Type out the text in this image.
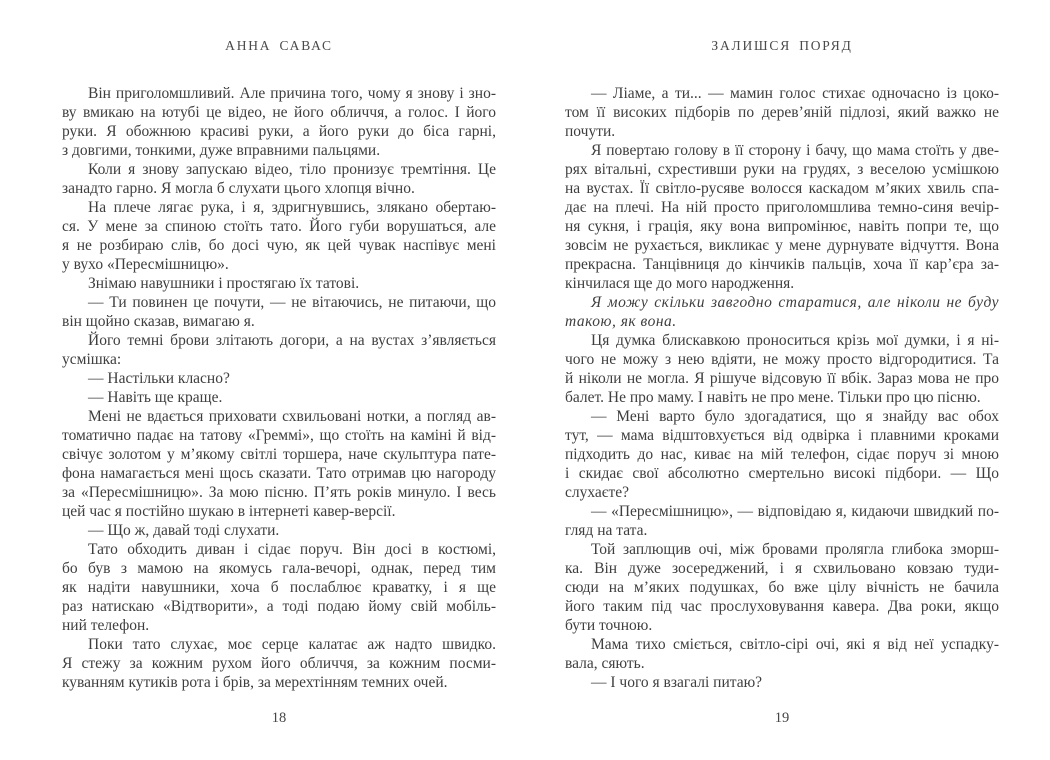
АННА САВАС
Він приголомшливий. Але причина того, чому я знову і зно-
ву вмикаю на ютубі це відео, не його обличчя, а голос. І його
руки. Я обожнюю красиві руки, а його руки до біса гарні,
з довгими, тонкими, дуже вправними пальцями.
Коли я знову запускаю відео, тіло пронизує тремтіння. Це
занадто гарно. Я могла б слухати цього хлопця вічно.
На плече лягає рука, і я, здригнувшись, злякано обертаю-
ся. У мене за спиною стоїть тато. Його губи ворушаться, але
я не розбираю слів, бо досі чую, як цей чувак наспівує мені
у вухо «Пересмішницю».
Знімаю навушники і простягаю їх татові.
— Ти повинен це почути, — не вітаючись, не питаючи, що
він щойно сказав, вимагаю я.
Його темні брови злітають догори, а на вустах з’являється
усмішка:
— Настільки класно?
— Навіть ще краще.
Мені не вдається приховати схвильовані нотки, а погляд ав-
томатично падає на татову «Греммі», що стоїть на каміні й від-
свічує золотом у м’якому світлі торшера, наче скульптура пате-
фона намагається мені щось сказати. Тато отримав цю нагороду
за «Пересмішницю». За мою пісню. П’ять років минуло. І весь
цей час я постійно шукаю в інтернеті кавер-версії.
— Що ж, давай тоді слухати.
Тато обходить диван і сідає поруч. Він досі в костюмі,
бо був з мамою на якомусь гала-вечорі, однак, перед тим
як надіти навушники, хоча б послаблює краватку, і я ще
раз натискаю «Відтворити», а тоді подаю йому свій мобіль-
ний телефон.
Поки тато слухає, моє серце калатає аж надто швидко.
Я стежу за кожним рухом його обличчя, за кожним посми-
куванням кутиків рота і брів, за мерехтінням темних очей.
18
ЗАЛИШСЯ ПОРЯД
— Ліаме, а ти... — мамин голос стихає одночасно із цоко-
том її високих підборів по дерев’яній підлозі, який важко не
почути.
Я повертаю голову в її сторону і бачу, що мама стоїть у две-
рях вітальні, схрестивши руки на грудях, з веселою усмішкою
на вустах. Її світло-русяве волосся каскадом м’яких хвиль спа-
дає на плечі. На ній просто приголомшлива темно-синя вечір-
ня сукня, і грація, яку вона випромінює, навіть попри те, що
зовсім не рухається, викликає у мене дурнувате відчуття. Вона
прекрасна. Танцівниця до кінчиків пальців, хоча її кар’єра за-
кінчилася ще до мого народження.
Я можу скільки завгодно старатися, але ніколи не буду
такою, як вона.
Ця думка блискавкою проноситься крізь мої думки, і я ні-
чого не можу з нею вдіяти, не можу просто відгородитися. Та
й ніколи не могла. Я рішуче відсовую її вбік. Зараз мова не про
балет. Не про маму. І навіть не про мене. Тільки про цю пісню.
— Мені варто було здогадатися, що я знайду вас обох
тут, — мама відштовхується від одвірка і плавними кроками
підходить до нас, киває на мій телефон, сідає поруч зі мною
і скидає свої абсолютно смертельно високі підбори. — Що
слухаєте?
— «Пересмішницю», — відповідаю я, кидаючи швидкий по-
гляд на тата.
Той заплющив очі, між бровами пролягла глибока зморш-
ка. Він дуже зосереджений, і я схвильовано ковзаю туди-
сюди на м’яких подушках, бо вже цілу вічність не бачила
його таким під час прослуховування кавера. Два роки, якщо
бути точною.
Мама тихо сміється, світло-сірі очі, які я від неї успадку-
вала, сяють.
— І чого я взагалі питаю?
19
